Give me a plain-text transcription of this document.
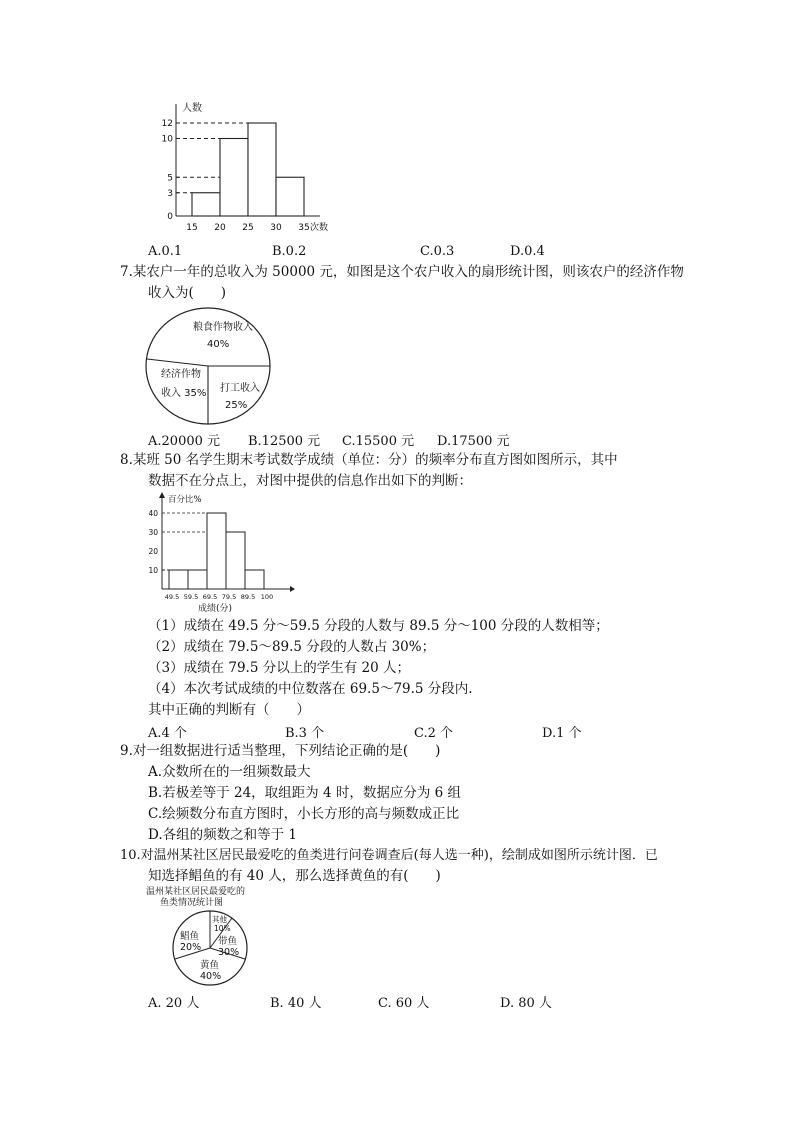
人数
次数
0
3
5
10
12
15 20 25 30 35
A.0.1	B.0.2	C.0.3	D.0.4
7.某农户一年的总收入为 50000 元，如图是这个农户收入的扇形统计图，则该农户的经济作物
收入为(　　)
粮食作物收入
40%
经济作物
收入 35% 打工收入
25%
A.20000 元 B.12500 元 C.15500 元 D.17500 元
8.某班 50 名学生期末考试数学成绩（单位：分）的频率分布直方图如图所示，其中
数据不在分点上，对图中提供的信息作出如下的判断：
百分比%
成绩(分)
10
20
30
40
49.5 59.5 69.5 79.5 89.5 100
（1）成绩在 49.5 分～59.5 分段的人数与 89.5 分～100 分段的人数相等；
（2）成绩在 79.5～89.5 分段的人数占 30%；
（3）成绩在 79.5 分以上的学生有 20 人；
（4）本次考试成绩的中位数落在 69.5～79.5 分段内.
其中正确的判断有（　　）
A.4 个	B.3 个	C.2 个	D.1 个
9.对一组数据进行适当整理，下列结论正确的是(　　)
A.众数所在的一组频数最大
B.若极差等于 24，取组距为 4 时，数据应分为 6 组
C.绘频数分布直方图时，小长方形的高与频数成正比
D.各组的频数之和等于 1
10.对温州某社区居民最爱吃的鱼类进行问卷调查后(每人选一种)，绘制成如图所示统计图．已
知选择鲳鱼的有 40 人，那么选择黄鱼的有(　　)
温州某社区居民最爱吃的
鱼类情况统计图
其他
10%
鲳鱼
20%
带鱼
30%
黄鱼
40%
A. 20 人	B. 40 人	C. 60 人	D. 80 人
